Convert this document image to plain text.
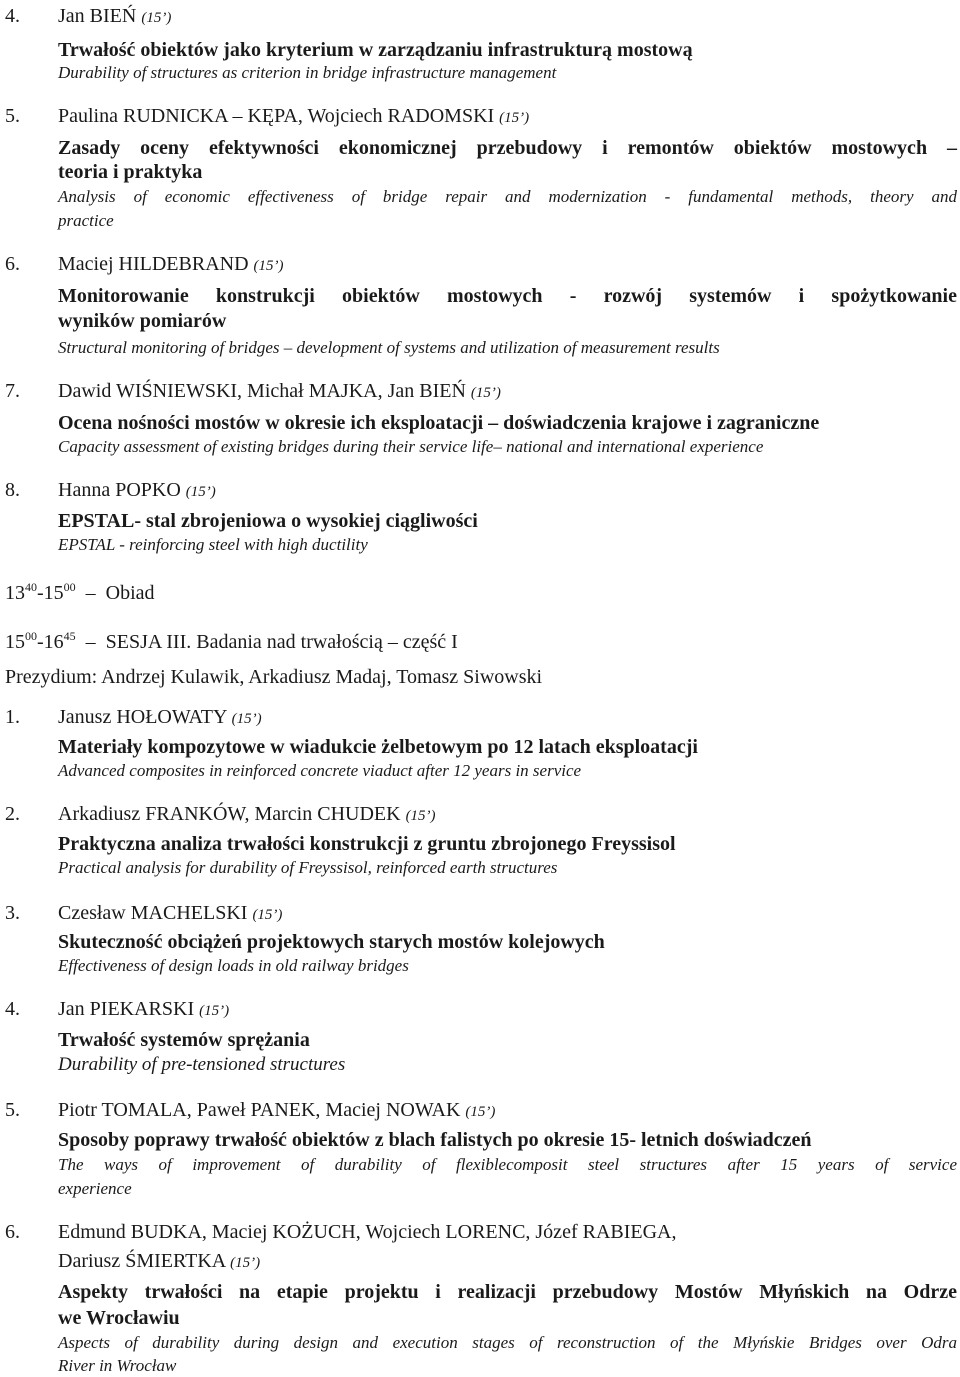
4. Jan BIEŃ (15’)
Trwałość obiektów jako kryterium w zarządzaniu infrastrukturą mostową
Durability of structures as criterion in bridge infrastructure management
5. Paulina RUDNICKA – KĘPA, Wojciech RADOMSKI (15’)
Zasady oceny efektywności ekonomicznej przebudowy i remontów obiektów mostowych –
teoria i praktyka
Analysis of economic effectiveness of bridge repair and modernization - fundamental methods, theory and
practice
6. Maciej HILDEBRAND (15’)
Monitorowanie konstrukcji obiektów mostowych - rozwój systemów i spożytkowanie
wyników pomiarów
Structural monitoring of bridges – development of systems and utilization of measurement results
7. Dawid WIŚNIEWSKI, Michał MAJKA, Jan BIEŃ (15’)
Ocena nośności mostów w okresie ich eksploatacji – doświadczenia krajowe i zagraniczne
Capacity assessment of existing bridges during their service life– national and international experience
8. Hanna POPKO (15’)
EPSTAL- stal zbrojeniowa o wysokiej ciągliwości
EPSTAL - reinforcing steel with high ductility
$13^{40}-15^{00}$ – Obiad
$15^{00}-16^{45}$ – SESJA III. Badania nad trwałością – część I
Prezydium: Andrzej Kulawik, Arkadiusz Madaj, Tomasz Siwowski
1. Janusz HOŁOWATY (15’)
Materiały kompozytowe w wiadukcie żelbetowym po 12 latach eksploatacji
Advanced composites in reinforced concrete viaduct after 12 years in service
2. Arkadiusz FRANKÓW, Marcin CHUDEK (15’)
Praktyczna analiza trwałości konstrukcji z gruntu zbrojonego Freyssisol
Practical analysis for durability of Freyssisol, reinforced earth structures
3. Czesław MACHELSKI (15’)
Skuteczność obciążeń projektowych starych mostów kolejowych
Effectiveness of design loads in old railway bridges
4. Jan PIEKARSKI (15’)
Trwałość systemów sprężania
Durability of pre-tensioned structures
5. Piotr TOMALA, Paweł PANEK, Maciej NOWAK (15’)
Sposoby poprawy trwałość obiektów z blach falistych po okresie 15- letnich doświadczeń
The ways of improvement of durability of flexiblecomposit steel structures after 15 years of service
experience
6. Edmund BUDKA, Maciej KOŻUCH, Wojciech LORENC, Józef RABIEGA,
Dariusz ŚMIERTKA (15’)
Aspekty trwałości na etapie projektu i realizacji przebudowy Mostów Młyńskich na Odrze
we Wrocławiu
Aspects of durability during design and execution stages of reconstruction of the Młyńskie Bridges over Odra
River in Wrocław
